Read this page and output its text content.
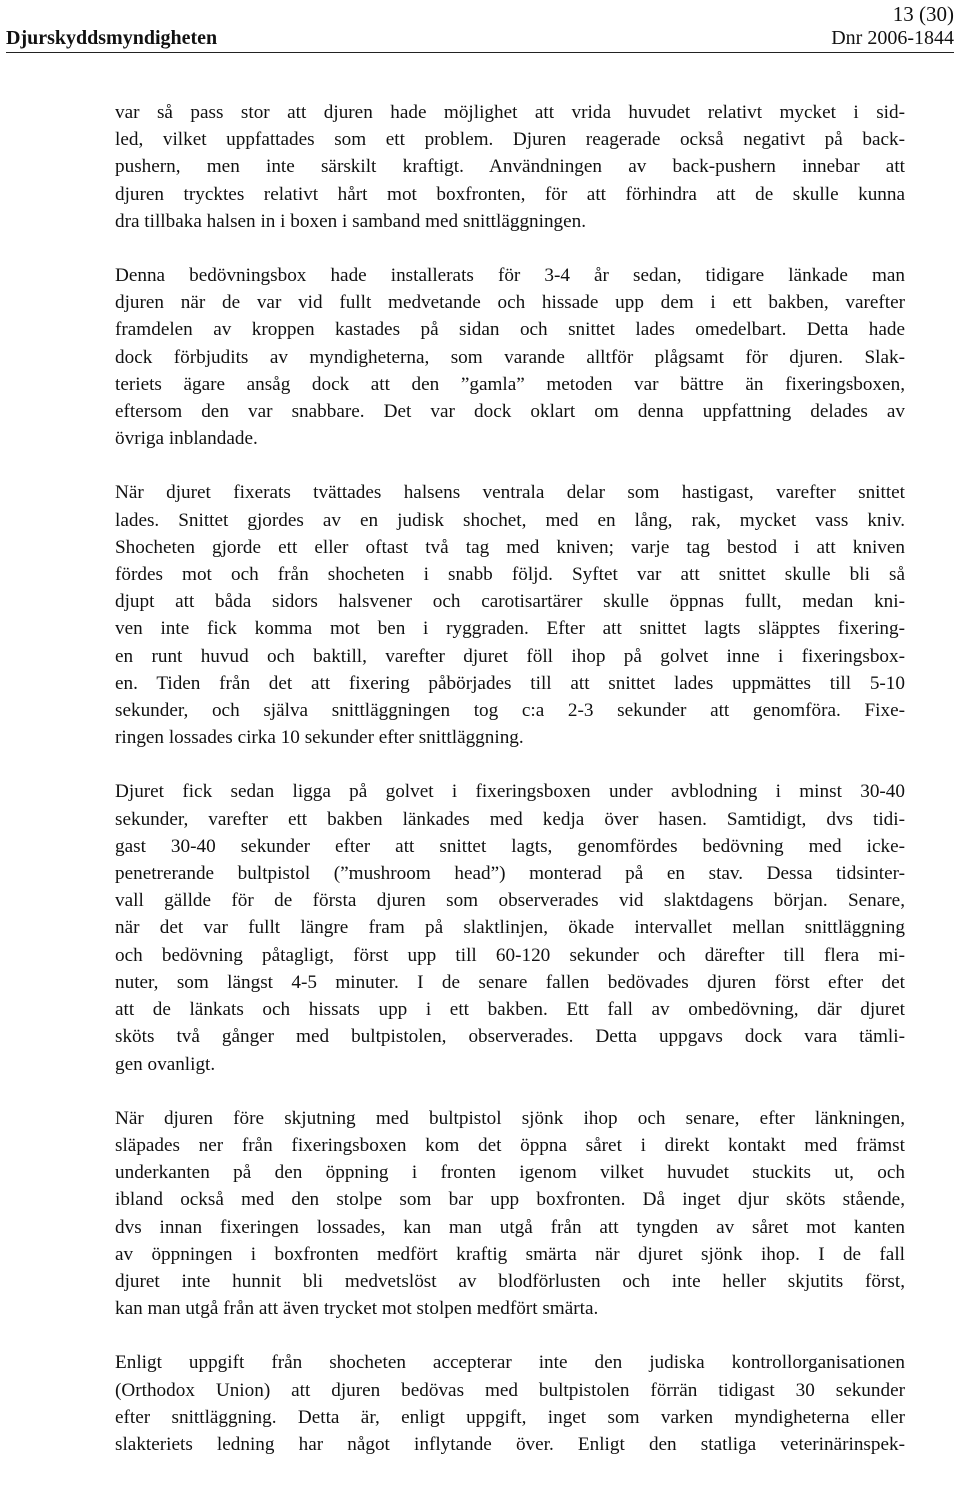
13 (30)
Djurskyddsmyndigheten	Dnr 2006-1844

var så pass stor att djuren hade möjlighet att vrida huvudet relativt mycket i sid-
led, vilket uppfattades som ett problem. Djuren reagerade också negativt på back-
pushern, men inte särskilt kraftigt. Användningen av back-pushern innebar att
djuren trycktes relativt hårt mot boxfronten, för att förhindra att de skulle kunna
dra tillbaka halsen in i boxen i samband med snittläggningen.

Denna bedövningsbox hade installerats för 3-4 år sedan, tidigare länkade man
djuren när de var vid fullt medvetande och hissade upp dem i ett bakben, varefter
framdelen av kroppen kastades på sidan och snittet lades omedelbart. Detta hade
dock förbjudits av myndigheterna, som varande alltför plågsamt för djuren. Slak-
teriets ägare ansåg dock att den ”gamla” metoden var bättre än fixeringsboxen,
eftersom den var snabbare. Det var dock oklart om denna uppfattning delades av
övriga inblandade.

När djuret fixerats tvättades halsens ventrala delar som hastigast, varefter snittet
lades. Snittet gjordes av en judisk shochet, med en lång, rak, mycket vass kniv.
Shocheten gjorde ett eller oftast två tag med kniven; varje tag bestod i att kniven
fördes mot och från shocheten i snabb följd. Syftet var att snittet skulle bli så
djupt att båda sidors halsvener och carotisartärer skulle öppnas fullt, medan kni-
ven inte fick komma mot ben i ryggraden. Efter att snittet lagts släpptes fixering-
en runt huvud och baktill, varefter djuret föll ihop på golvet inne i fixeringsbox-
en. Tiden från det att fixering påbörjades till att snittet lades uppmättes till 5-10
sekunder, och själva snittläggningen tog c:a 2-3 sekunder att genomföra. Fixe-
ringen lossades cirka 10 sekunder efter snittläggning.

Djuret fick sedan ligga på golvet i fixeringsboxen under avblodning i minst 30-40
sekunder, varefter ett bakben länkades med kedja över hasen. Samtidigt, dvs tidi-
gast 30-40 sekunder efter att snittet lagts, genomfördes bedövning med icke-
penetrerande bultpistol (”mushroom head”) monterad på en stav. Dessa tidsinter-
vall gällde för de första djuren som observerades vid slaktdagens början. Senare,
när det var fullt längre fram på slaktlinjen, ökade intervallet mellan snittläggning
och bedövning påtagligt, först upp till 60-120 sekunder och därefter till flera mi-
nuter, som längst 4-5 minuter. I de senare fallen bedövades djuren först efter det
att de länkats och hissats upp i ett bakben. Ett fall av ombedövning, där djuret
sköts två gånger med bultpistolen, observerades. Detta uppgavs dock vara tämli-
gen ovanligt.

När djuren före skjutning med bultpistol sjönk ihop och senare, efter länkningen,
släpades ner från fixeringsboxen kom det öppna såret i direkt kontakt med främst
underkanten på den öppning i fronten igenom vilket huvudet stuckits ut, och
ibland också med den stolpe som bar upp boxfronten. Då inget djur sköts stående,
dvs innan fixeringen lossades, kan man utgå från att tyngden av såret mot kanten
av öppningen i boxfronten medfört kraftig smärta när djuret sjönk ihop. I de fall
djuret inte hunnit bli medvetslöst av blodförlusten och inte heller skjutits först,
kan man utgå från att även trycket mot stolpen medfört smärta.

Enligt uppgift från shocheten accepterar inte den judiska kontrollorganisationen
(Orthodox Union) att djuren bedövas med bultpistolen förrän tidigast 30 sekunder
efter snittläggning. Detta är, enligt uppgift, inget som varken myndigheterna eller
slakteriets ledning har något inflytande över. Enligt den statliga veterinärinspek-
